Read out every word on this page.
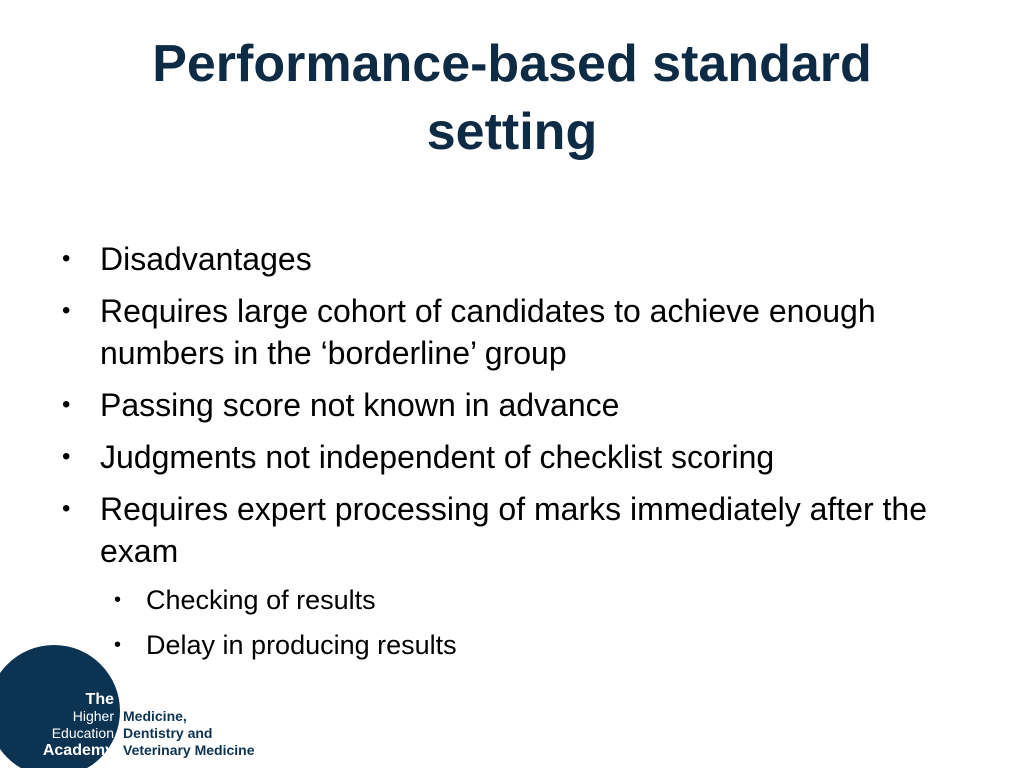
Performance-based standard
setting
• Disadvantages
• Requires large cohort of candidates to achieve enough numbers in the ‘borderline’ group
• Passing score not known in advance
• Judgments not independent of checklist scoring
• Requires expert processing of marks immediately after the exam
• Checking of results
• Delay in producing results
The
Higher
Education
Academy
Medicine,
Dentistry and
Veterinary Medicine
